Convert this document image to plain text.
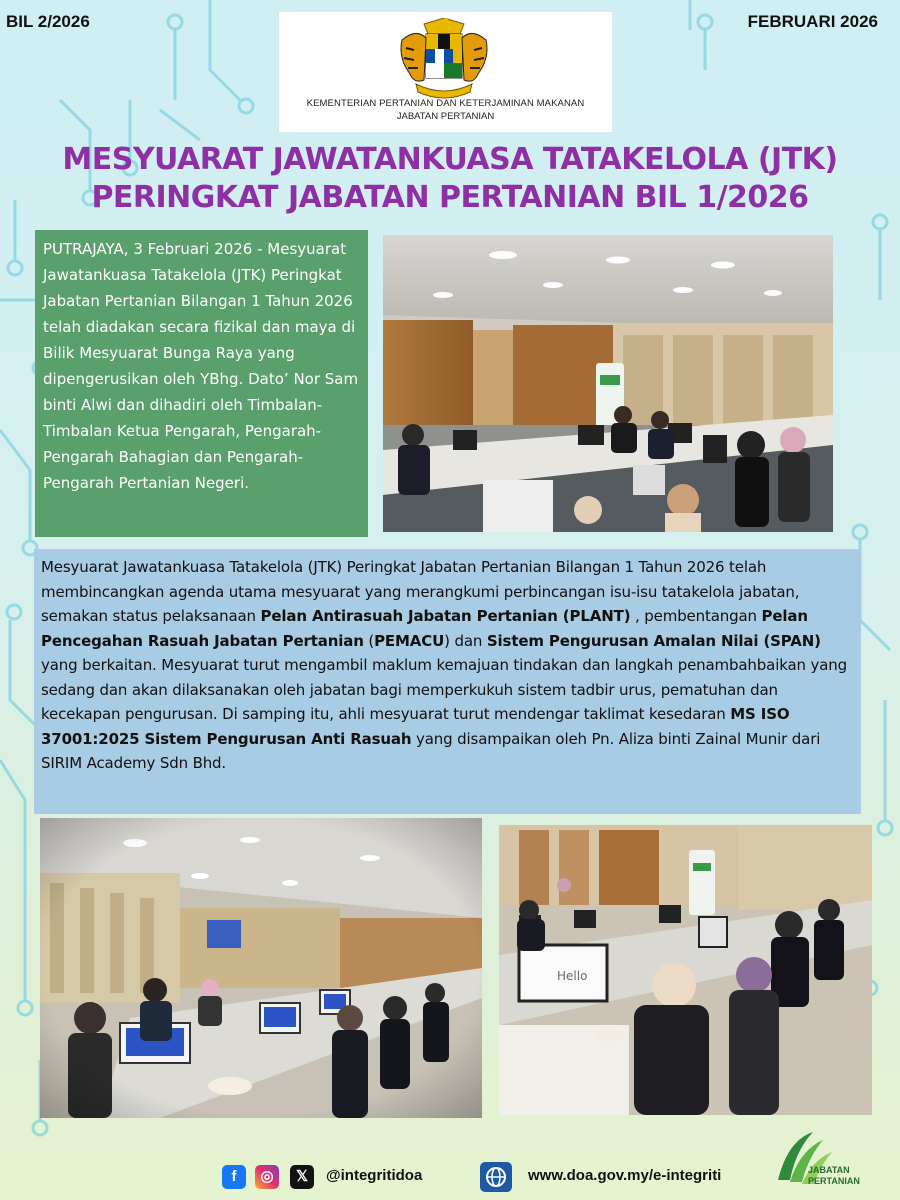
BIL 2/2026	FEBRUARI 2026
KEMENTERIAN PERTANIAN DAN KETERJAMINAN MAKANAN
JABATAN PERTANIAN
MESYUARAT JAWATANKUASA TATAKELOLA (JTK)
PERINGKAT JABATAN PERTANIAN BIL 1/2026

PUTRAJAYA, 3 Februari 2026 - Mesyuarat Jawatankuasa Tatakelola (JTK) Peringkat Jabatan Pertanian Bilangan 1 Tahun 2026 telah diadakan secara fizikal dan maya di Bilik Mesyuarat Bunga Raya yang dipengerusikan oleh YBhg. Dato’ Nor Sam binti Alwi dan dihadiri oleh Timbalan-Timbalan Ketua Pengarah, Pengarah-Pengarah Bahagian dan Pengarah-Pengarah Pertanian Negeri.

Mesyuarat Jawatankuasa Tatakelola (JTK) Peringkat Jabatan Pertanian Bilangan 1 Tahun 2026 telah membincangkan agenda utama mesyuarat yang merangkumi perbincangan isu-isu tatakelola jabatan, semakan status pelaksanaan Pelan Antirasuah Jabatan Pertanian (PLANT) , pembentangan Pelan Pencegahan Rasuah Jabatan Pertanian (PEMACU) dan Sistem Pengurusan Amalan Nilai (SPAN) yang berkaitan. Mesyuarat turut mengambil maklum kemajuan tindakan dan langkah penambahbaikan yang sedang dan akan dilaksanakan oleh jabatan bagi memperkukuh sistem tadbir urus, pematuhan dan kecekapan pengurusan. Di samping itu, ahli mesyuarat turut mendengar taklimat kesedaran MS ISO 37001:2025 Sistem Pengurusan Anti Rasuah yang disampaikan oleh Pn. Aliza binti Zainal Munir dari SIRIM Academy Sdn Bhd.

Hello
f	◎	𝕏	@integritidoa	www.doa.gov.my/e-integriti	JABATAN
PERTANIAN
